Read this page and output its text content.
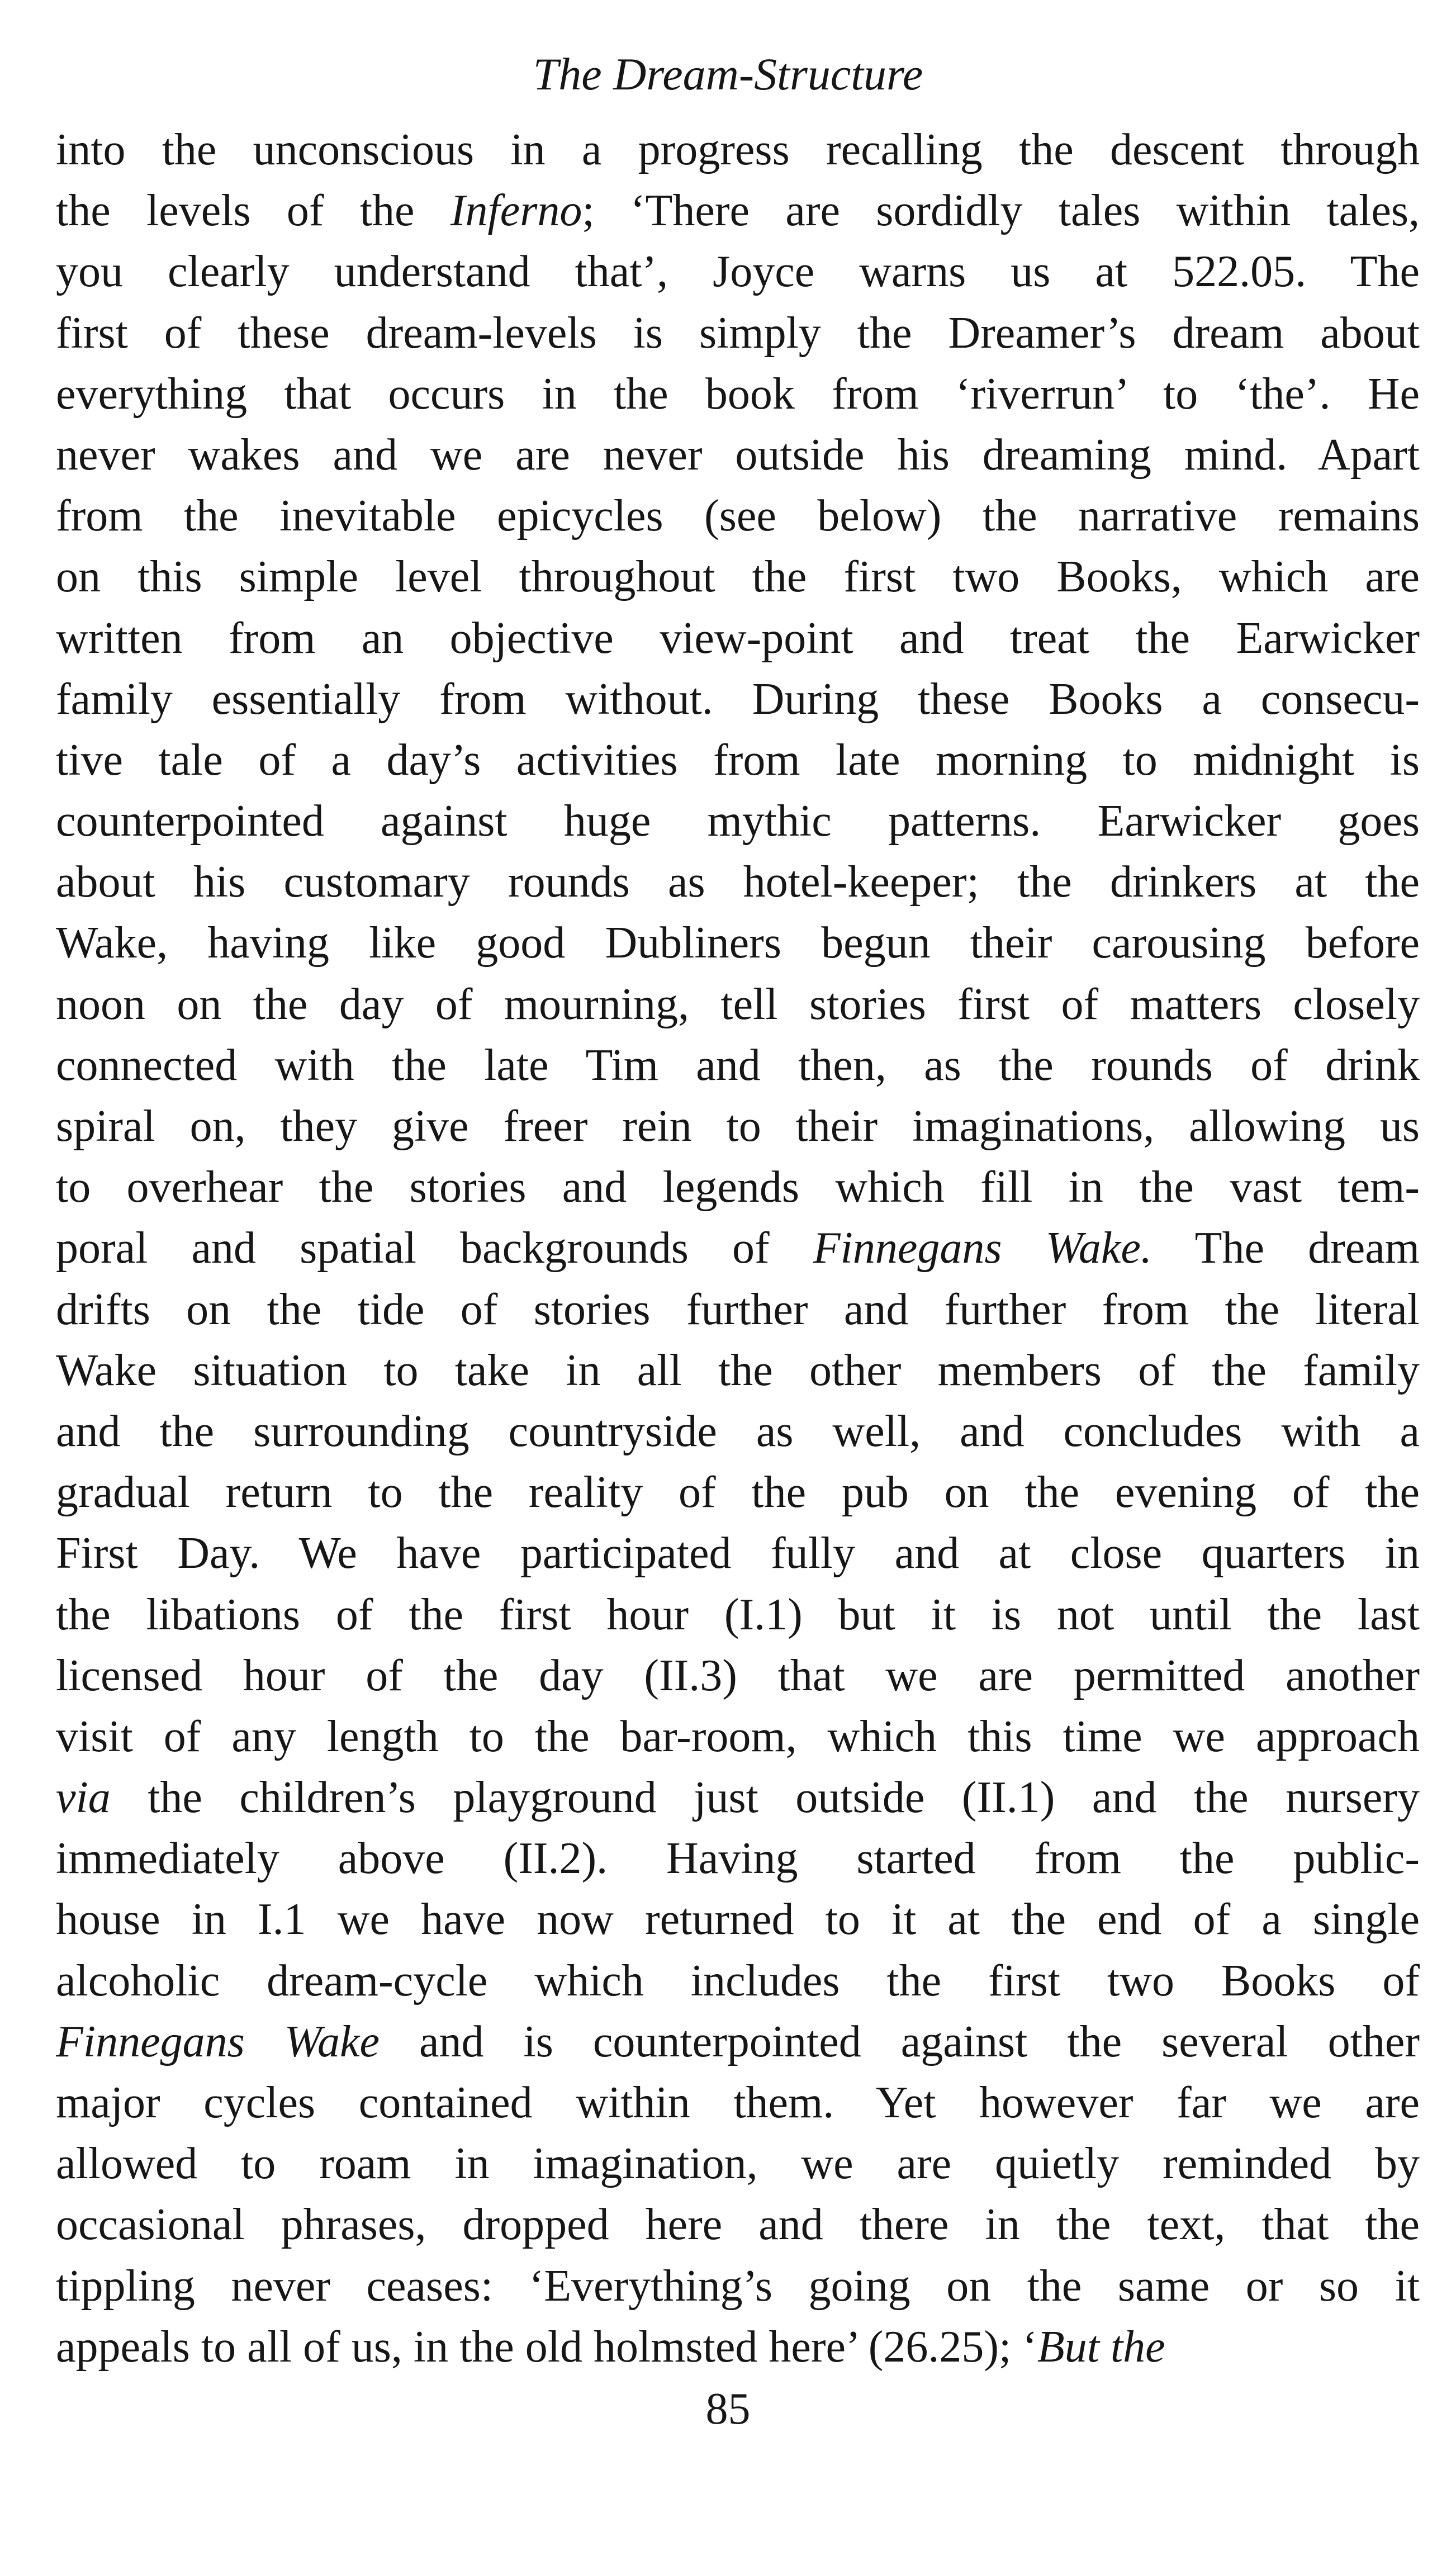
The Dream-Structure
into the unconscious in a progress recalling the descent through
the levels of the Inferno; ‘There are sordidly tales within tales,
you clearly understand that’, Joyce warns us at 522.05. The
first of these dream-levels is simply the Dreamer’s dream about
everything that occurs in the book from ‘riverrun’ to ‘the’. He
never wakes and we are never outside his dreaming mind. Apart
from the inevitable epicycles (see below) the narrative remains
on this simple level throughout the first two Books, which are
written from an objective view-point and treat the Earwicker
family essentially from without. During these Books a consecu-
tive tale of a day’s activities from late morning to midnight is
counterpointed against huge mythic patterns. Earwicker goes
about his customary rounds as hotel-keeper; the drinkers at the
Wake, having like good Dubliners begun their carousing before
noon on the day of mourning, tell stories first of matters closely
connected with the late Tim and then, as the rounds of drink
spiral on, they give freer rein to their imaginations, allowing us
to overhear the stories and legends which fill in the vast tem-
poral and spatial backgrounds of Finnegans Wake. The dream
drifts on the tide of stories further and further from the literal
Wake situation to take in all the other members of the family
and the surrounding countryside as well, and concludes with a
gradual return to the reality of the pub on the evening of the
First Day. We have participated fully and at close quarters in
the libations of the first hour (I.1) but it is not until the last
licensed hour of the day (II.3) that we are permitted another
visit of any length to the bar-room, which this time we approach
via the children’s playground just outside (II.1) and the nursery
immediately above (II.2). Having started from the public-
house in I.1 we have now returned to it at the end of a single
alcoholic dream-cycle which includes the first two Books of
Finnegans Wake and is counterpointed against the several other
major cycles contained within them. Yet however far we are
allowed to roam in imagination, we are quietly reminded by
occasional phrases, dropped here and there in the text, that the
tippling never ceases: ‘Everything’s going on the same or so it
appeals to all of us, in the old holmsted here’ (26.25); ‘But the
85
